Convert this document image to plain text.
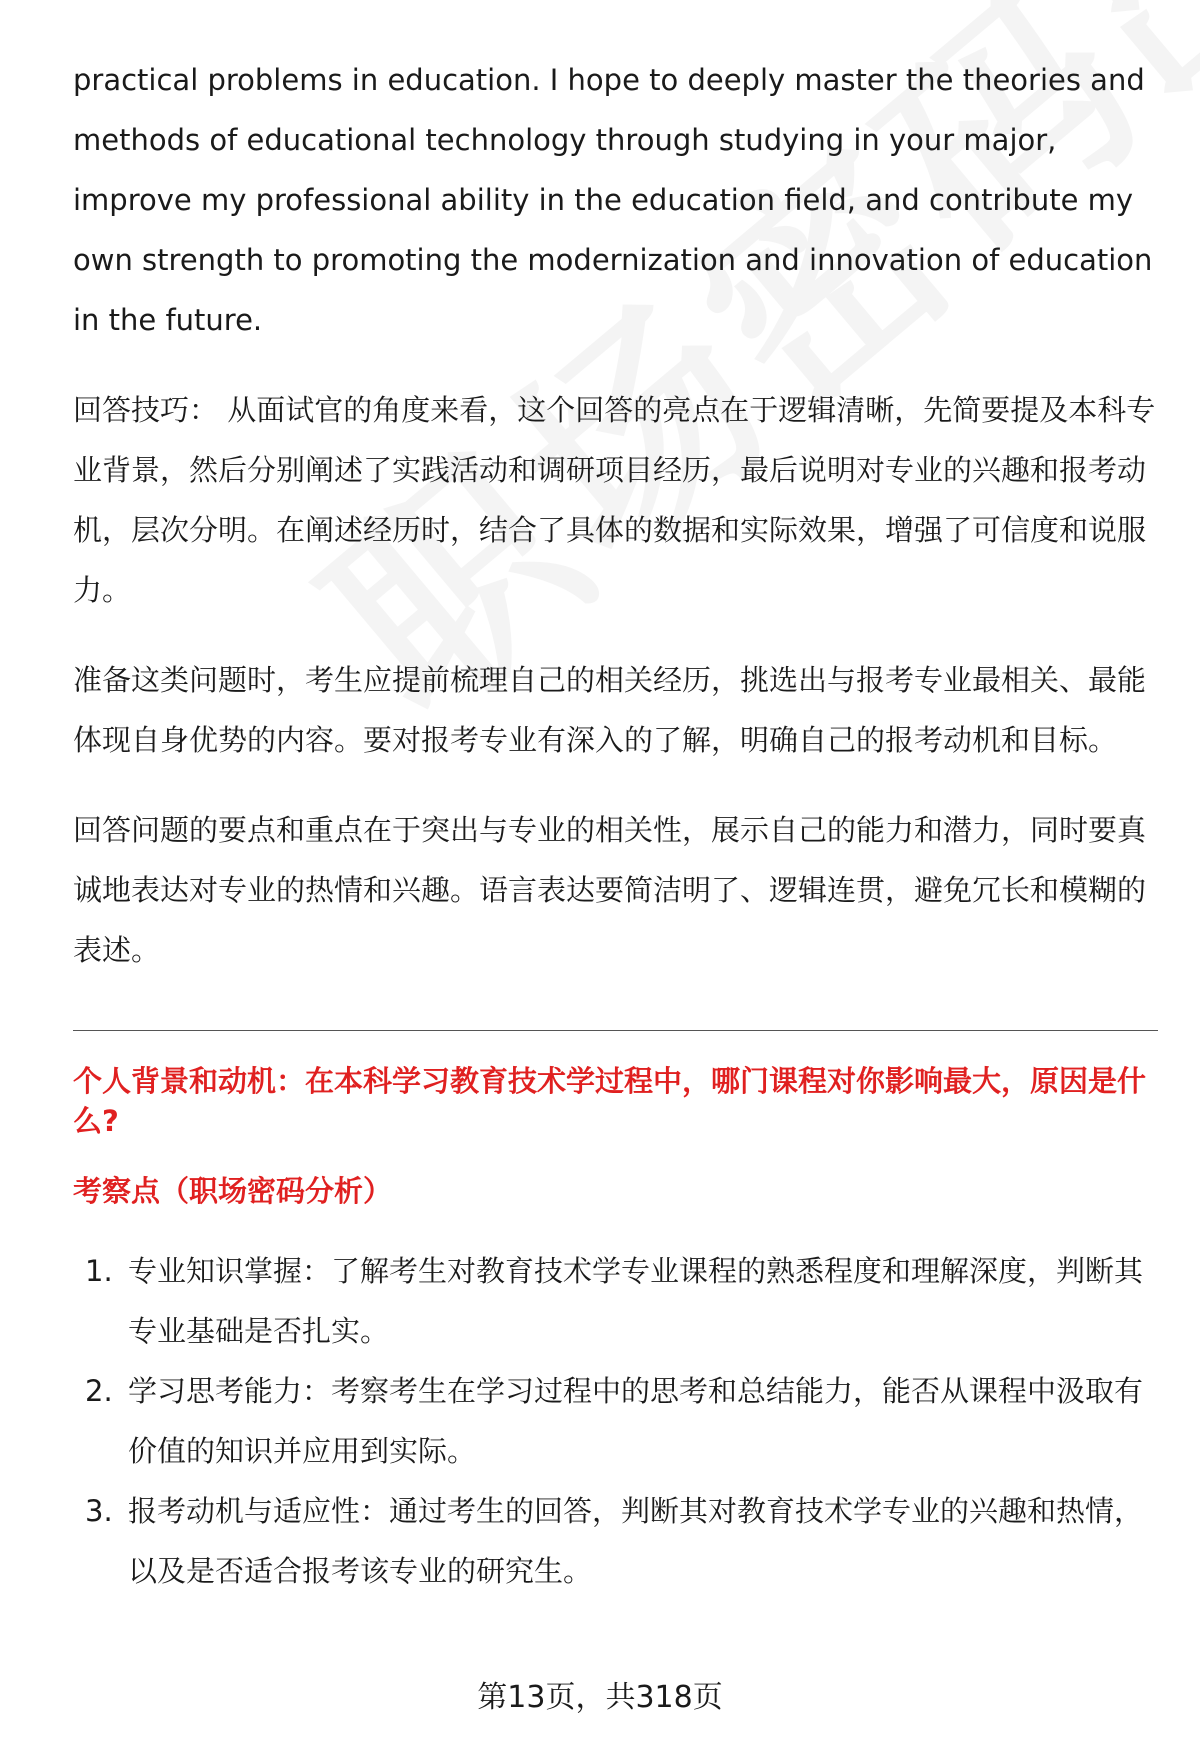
practical problems in education. I hope to deeply master the theories and methods of educational technology through studying in your major, improve my professional ability in the education field, and contribute my own strength to promoting the modernization and innovation of education in the future.

回答技巧： 从面试官的角度来看，这个回答的亮点在于逻辑清晰，先简要提及本科专业背景，然后分别阐述了实践活动和调研项目经历，最后说明对专业的兴趣和报考动机，层次分明。在阐述经历时，结合了具体的数据和实际效果，增强了可信度和说服力。

准备这类问题时，考生应提前梳理自己的相关经历，挑选出与报考专业最相关、最能体现自身优势的内容。要对报考专业有深入的了解，明确自己的报考动机和目标。

回答问题的要点和重点在于突出与专业的相关性，展示自己的能力和潜力，同时要真诚地表达对专业的热情和兴趣。语言表达要简洁明了、逻辑连贯，避免冗长和模糊的表述。

个人背景和动机：在本科学习教育技术学过程中，哪门课程对你影响最大，原因是什么?

考察点（职场密码分析）

1. 专业知识掌握：了解考生对教育技术学专业课程的熟悉程度和理解深度，判断其专业基础是否扎实。
2. 学习思考能力：考察考生在学习过程中的思考和总结能力，能否从课程中汲取有价值的知识并应用到实际。
3. 报考动机与适应性：通过考生的回答，判断其对教育技术学专业的兴趣和热情，以及是否适合报考该专业的研究生。
第13页，共318页
